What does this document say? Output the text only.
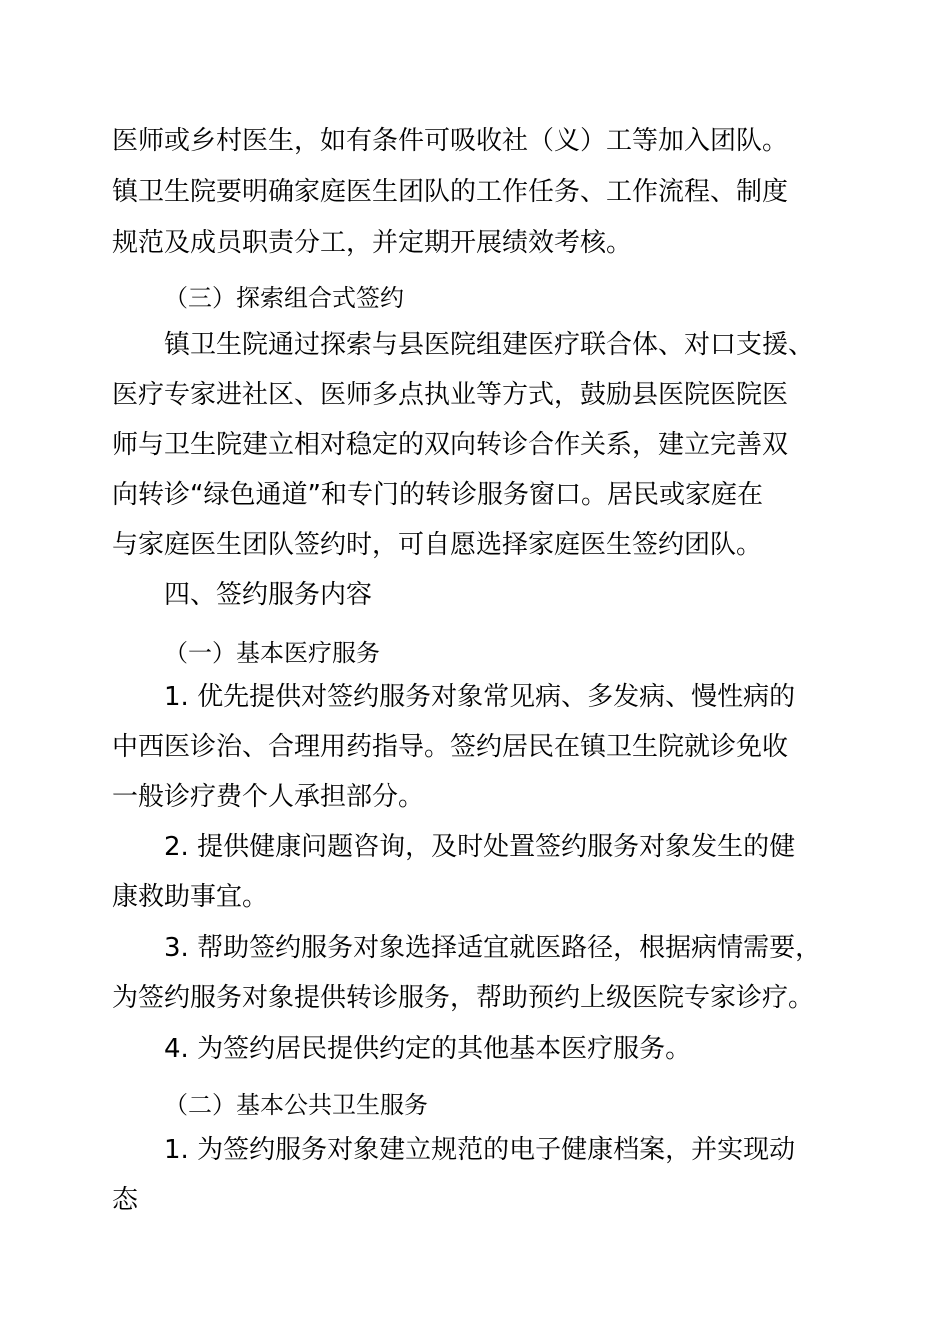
医师或乡村医生，如有条件可吸收社（义）工等加入团队。

镇卫生院要明确家庭医生团队的工作任务、工作流程、制度

规范及成员职责分工，并定期开展绩效考核。

（三）探索组合式签约

镇卫生院通过探索与县医院组建医疗联合体、对口支援、

医疗专家进社区、医师多点执业等方式，鼓励县医院医院医

师与卫生院建立相对稳定的双向转诊合作关系，建立完善双

向转诊“绿色通道”和专门的转诊服务窗口。居民或家庭在

与家庭医生团队签约时，可自愿选择家庭医生签约团队。

四、签约服务内容

（一）基本医疗服务

1. 优先提供对签约服务对象常见病、多发病、慢性病的

中西医诊治、合理用药指导。签约居民在镇卫生院就诊免收

一般诊疗费个人承担部分。

2. 提供健康问题咨询，及时处置签约服务对象发生的健

康救助事宜。

3. 帮助签约服务对象选择适宜就医路径，根据病情需要，

为签约服务对象提供转诊服务，帮助预约上级医院专家诊疗。

4. 为签约居民提供约定的其他基本医疗服务。

（二）基本公共卫生服务

1. 为签约服务对象建立规范的电子健康档案，并实现动

态
